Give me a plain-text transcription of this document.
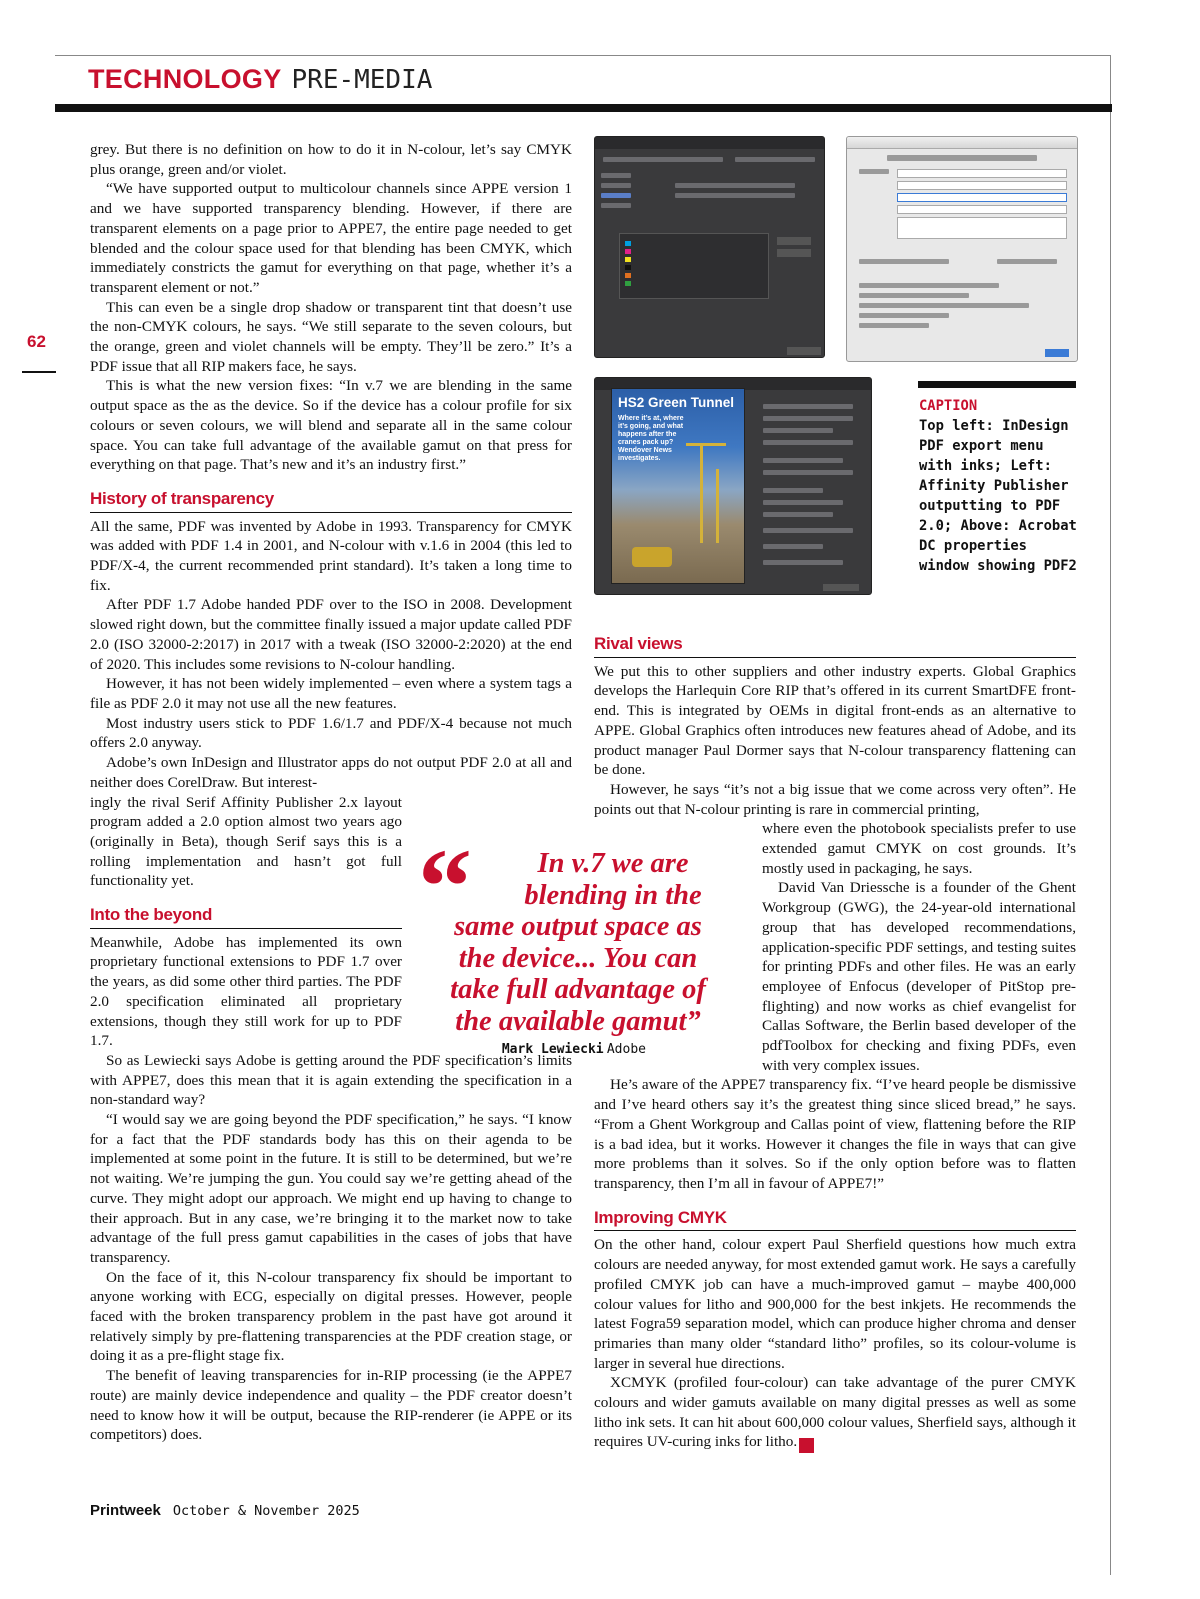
TECHNOLOGY PRE-MEDIA
62

grey. But there is no definition on how to do it in N-colour, let’s say CMYK plus orange, green and/or violet.

“We have supported output to multicolour channels since APPE version 1 and we have supported transparency blending. However, if there are transparent elements on a page prior to APPE7, the entire page needed to get blended and the colour space used for that blending has been CMYK, which immediately constricts the gamut for everything on that page, whether it’s a transparent element or not.”

This can even be a single drop shadow or transparent tint that doesn’t use the non-CMYK colours, he says. “We still separate to the seven colours, but the orange, green and violet channels will be empty. They’ll be zero.” It’s a PDF issue that all RIP makers face, he says.

This is what the new version fixes: “In v.7 we are blending in the same output space as the as the device. So if the device has a colour profile for six colours or seven colours, we will blend and separate all in the same colour space. You can take full advantage of the available gamut on that press for everything on that page. That’s new and it’s an industry first.”

History of transparency

All the same, PDF was invented by Adobe in 1993. Transparency for CMYK was added with PDF 1.4 in 2001, and N-colour with v.1.6 in 2004 (this led to PDF/X-4, the current recommended print standard). It’s taken a long time to fix.

After PDF 1.7 Adobe handed PDF over to the ISO in 2008. Development slowed right down, but the committee finally issued a major update called PDF 2.0 (ISO 32000-2:2017) in 2017 with a tweak (ISO 32000-2:2020) at the end of 2020. This includes some revisions to N-colour handling.

However, it has not been widely implemented – even where a system tags a file as PDF 2.0 it may not use all the new features.

Most industry users stick to PDF 1.6/1.7 and PDF/X-4 because not much offers 2.0 anyway.

Adobe’s own InDesign and Illustrator apps do not output PDF 2.0 at all and neither does CorelDraw. But interest-

ingly the rival Serif Affinity Publisher 2.x layout program added a 2.0 option almost two years ago (originally in Beta), though Serif says this is a rolling implementation and hasn’t got full functionality yet.

Into the beyond

Meanwhile, Adobe has implemented its own proprietary functional extensions to PDF 1.7 over the years, as did some other third parties. The PDF 2.0 specification eliminated all proprietary extensions, though they still work for up to PDF 1.7.

So as Lewiecki says Adobe is getting around the PDF specification’s limits with APPE7, does this mean that it is again extending the specification in a non-standard way?

“I would say we are going beyond the PDF specification,” he says. “I know for a fact that the PDF standards body has this on their agenda to be implemented at some point in the future. It is still to be determined, but we’re not waiting. We’re jumping the gun. You could say we’re getting ahead of the curve. They might adopt our approach. We might end up having to change to their approach. But in any case, we’re bringing it to the market now to take advantage of the full press gamut capabilities in the cases of jobs that have transparency.

On the face of it, this N-colour transparency fix should be important to anyone working with ECG, especially on digital presses. However, people faced with the broken transparency problem in the past have got around it relatively simply by pre-flattening transparencies at the PDF creation stage, or doing it as a pre-flight stage fix.

The benefit of leaving transparencies for in-RIP processing (ie the APPE7 route) are mainly device independence and quality – the PDF creator doesn’t need to know how it will be output, because the RIP-renderer (ie APPE or its competitors) does.

HS2 Green Tunnel
Where it’s at, where it’s going, and what happens after the cranes pack up? Wendover News investigates.
CAPTION
Top left: InDesign PDF export menu with inks; Left: Affinity Publisher outputting to PDF 2.0; Above: Acrobat DC properties window showing PDF2
“	In v.7 we are
blending in the
same output space as
the device... You can
take full advantage of
the available gamut”
Mark Lewiecki Adobe
Rival views

We put this to other suppliers and other industry experts. Global Graphics develops the Harlequin Core RIP that’s offered in its current SmartDFE front-end. This is integrated by OEMs in digital front-ends as an alternative to APPE. Global Graphics often introduces new features ahead of Adobe, and its product manager Paul Dormer says that N-colour transparency flattening can be done.

However, he says “it’s not a big issue that we come across very often”. He points out that N-colour printing is rare in commercial printing,

where even the photobook specialists prefer to use extended gamut CMYK on cost grounds. It’s mostly used in packaging, he says.

David Van Driessche is a founder of the Ghent Workgroup (GWG), the 24-year-old international group that has developed recommendations, application-specific PDF settings, and testing suites for printing PDFs and other files. He was an early employee of Enfocus (developer of PitStop pre-flighting) and now works as chief evangelist for Callas Software, the Berlin based developer of the pdfToolbox for checking and fixing PDFs, even with very complex issues.

He’s aware of the APPE7 transparency fix. “I’ve heard people be dismissive and I’ve heard others say it’s the greatest thing since sliced bread,” he says. “From a Ghent Workgroup and Callas point of view, flattening before the RIP is a bad idea, but it works. However it changes the file in ways that can give more problems than it solves. So if the only option before was to flatten transparency, then I’m all in favour of APPE7!”

Improving CMYK

On the other hand, colour expert Paul Sherfield questions how much extra colours are needed anyway, for most extended gamut work. He says a carefully profiled CMYK job can have a much-improved gamut – maybe 400,000 colour values for litho and 900,000 for the best inkjets. He recommends the latest Fogra59 separation model, which can produce higher chroma and denser primaries than many older “standard litho” profiles, so its colour-volume is larger in several hue directions.

XCMYK (profiled four-colour) can take advantage of the purer CMYK colours and wider gamuts available on many digital presses as well as some litho ink sets. It can hit about 600,000 colour values, Sherfield says, although it requires UV-curing inks for litho. P

Printweek October & November 2025
